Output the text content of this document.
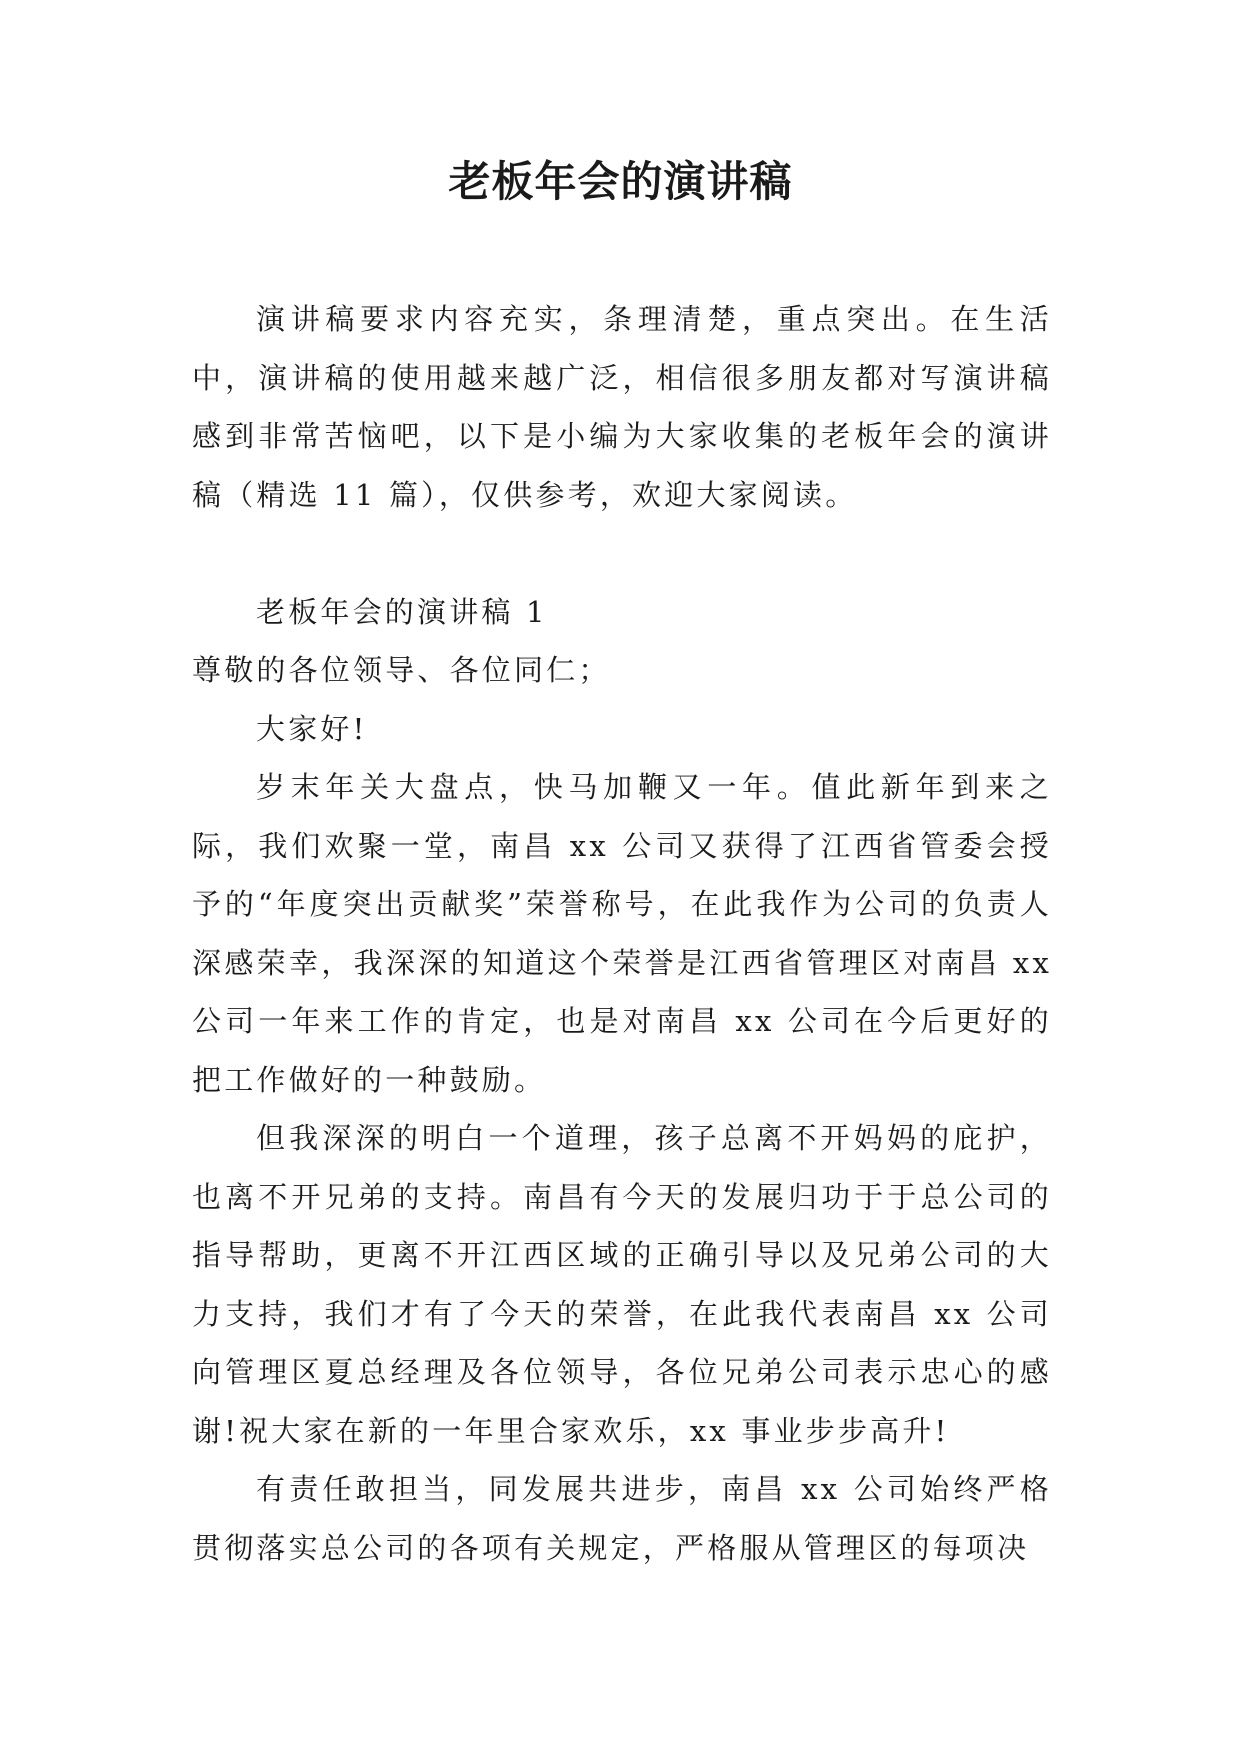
老板年会的演讲稿

演讲稿要求内容充实，条理清楚，重点突出。在生活中，演讲稿的使用越来越广泛，相信很多朋友都对写演讲稿感到非常苦恼吧，以下是小编为大家收集的老板年会的演讲稿（精选 11 篇），仅供参考，欢迎大家阅读。

老板年会的演讲稿 1

尊敬的各位领导、各位同仁；

大家好!

岁末年关大盘点，快马加鞭又一年。值此新年到来之际，我们欢聚一堂，南昌 xx 公司又获得了江西省管委会授予的“年度突出贡献奖”荣誉称号，在此我作为公司的负责人深感荣幸，我深深的知道这个荣誉是江西省管理区对南昌 xx 公司一年来工作的肯定，也是对南昌 xx 公司在今后更好的把工作做好的一种鼓励。

但我深深的明白一个道理，孩子总离不开妈妈的庇护，也离不开兄弟的支持。南昌有今天的发展归功于于总公司的指导帮助，更离不开江西区域的正确引导以及兄弟公司的大力支持，我们才有了今天的荣誉，在此我代表南昌 xx 公司向管理区夏总经理及各位领导，各位兄弟公司表示忠心的感谢!祝大家在新的一年里合家欢乐，xx 事业步步高升!

有责任敢担当，同发展共进步，南昌 xx 公司始终严格贯彻落实总公司的各项有关规定，严格服从管理区的每项决
